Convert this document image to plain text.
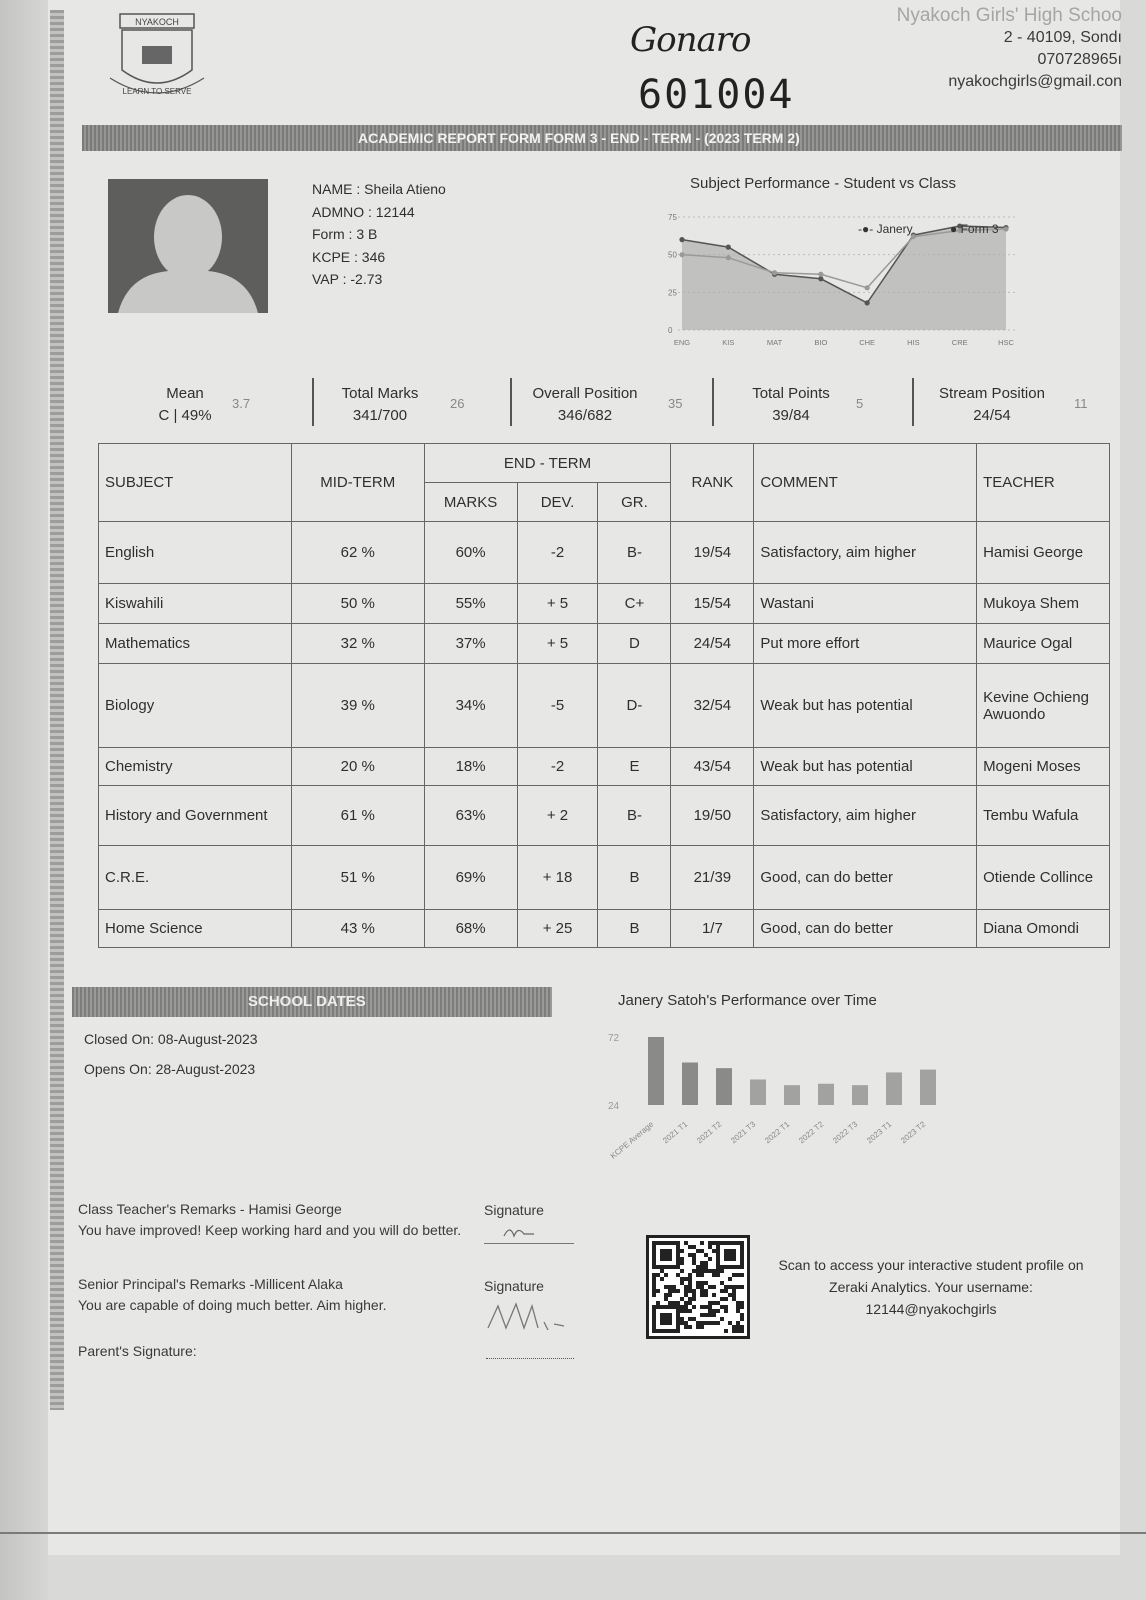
NYAKOCH
LEARN TO SERVE
Gonaro
601004
Nyakoch Girls' High Schoo
2 - 40109, Sondı
070728965ı
nyakochgirls@gmail.con
ACADEMIC REPORT FORM FORM 3 - END - TERM - (2023 TERM 2)
NAME : Sheila Atieno
ADMNO : 12144
Form : 3 B
KCPE : 346
VAP : -2.73
Subject Performance - Student vs Class
75
50
25
0
ENG	KIS	MAT	BIO	CHE	HIS	CRE	HSC
-●- Janery	● Form 3
Mean
C | 49%
3.7
Total Marks
341/700
26
Overall Position
346/682
35
Total Points
39/84
5
Stream Position
24/54
11
SUBJECT	MID-TERM	END - TERM			RANK	COMMENT	TEACHER
		MARKS	DEV.	GR.			
English	62 %	60%	-2	B-	19/54	Satisfactory, aim higher	Hamisi George
Kiswahili	50 %	55%	+ 5	C+	15/54	Wastani	Mukoya Shem
Mathematics	32 %	37%	+ 5	D	24/54	Put more effort	Maurice Ogal
Biology	39 %	34%	-5	D-	32/54	Weak but has potential	Kevine Ochieng Awuondo
Chemistry	20 %	18%	-2	E	43/54	Weak but has potential	Mogeni Moses
History and Government	61 %	63%	+ 2	B-	19/50	Satisfactory, aim higher	Tembu Wafula
C.R.E.	51 %	69%	+ 18	B	21/39	Good, can do better	Otiende Collince
Home Science	43 %	68%	+ 25	B	1/7	Good, can do better	Diana Omondi
SCHOOL DATES
Closed On: 08-August-2023
Opens On: 28-August-2023
Janery Satoh's Performance over Time
72
24
KCPE Average 2021 T1 2021 T2 2021 T3 2022 T1 2022 T2 2022 T3 2023 T1 2023 T2
Class Teacher's Remarks - Hamisi George
You have improved! Keep working hard and you will do better.
Signature
Senior Principal's Remarks -Millicent Alaka
You are capable of doing much better. Aim higher.
Signature
Parent's Signature:
Scan to access your interactive student profile on Zeraki Analytics. Your username: 12144@nyakochgirls
